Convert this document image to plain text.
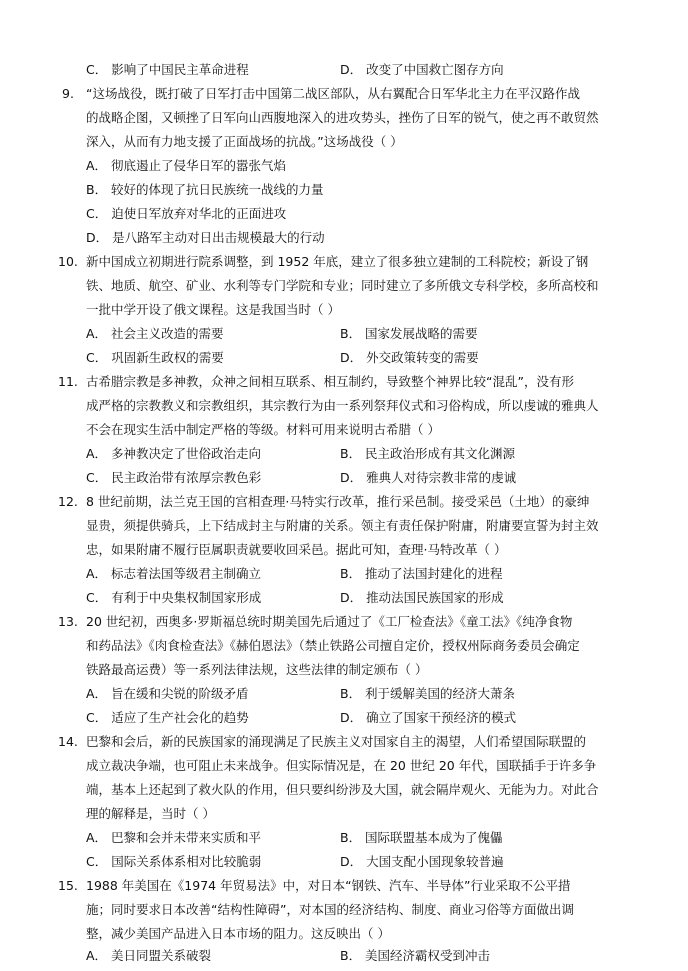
C． 影响了中国民主革命进程	D． 改变了中国救亡图存方向
9. “这场战役，既打破了日军打击中国第二战区部队，从右翼配合日军华北主力在平汉路作战
的战略企图，又顿挫了日军向山西腹地深入的进攻势头，挫伤了日军的锐气，使之再不敢贸然
深入，从而有力地支援了正面战场的抗战。”这场战役（ ）
A． 彻底遏止了侵华日军的嚣张气焰
B． 较好的体现了抗日民族统一战线的力量
C． 迫使日军放弃对华北的正面进攻
D． 是八路军主动对日出击规模最大的行动
10. 新中国成立初期进行院系调整，到 1952 年底，建立了很多独立建制的工科院校；新设了钢
铁、地质、航空、矿业、水利等专门学院和专业；同时建立了多所俄文专科学校，多所高校和
一批中学开设了俄文课程。这是我国当时（ ）
A． 社会主义改造的需要	B． 国家发展战略的需要
C． 巩固新生政权的需要	D． 外交政策转变的需要
11. 古希腊宗教是多神教，众神之间相互联系、相互制约，导致整个神界比较“混乱”，没有形
成严格的宗教教义和宗教组织，其宗教行为由一系列祭拜仪式和习俗构成，所以虔诚的雅典人
不会在现实生活中制定严格的等级。材料可用来说明古希腊（ ）
A． 多神教决定了世俗政治走向	B． 民主政治形成有其文化渊源
C． 民主政治带有浓厚宗教色彩	D． 雅典人对待宗教非常的虔诚
12. 8 世纪前期，法兰克王国的宫相查理·马特实行改革，推行采邑制。接受采邑（土地）的豪绅
显贵，须提供骑兵，上下结成封主与附庸的关系。领主有责任保护附庸，附庸要宣誓为封主效
忠，如果附庸不履行臣属职责就要收回采邑。据此可知，查理·马特改革（ ）
A． 标志着法国等级君主制确立	B． 推动了法国封建化的进程
C． 有利于中央集权制国家形成	D． 推动法国民族国家的形成
13. 20 世纪初，西奥多·罗斯福总统时期美国先后通过了《工厂检查法》《童工法》《纯净食物
和药品法》《肉食检查法》《赫伯恩法》（禁止铁路公司擅自定价，授权州际商务委员会确定
铁路最高运费）等一系列法律法规，这些法律的制定颁布（ ）
A． 旨在缓和尖锐的阶级矛盾	B． 利于缓解美国的经济大萧条
C． 适应了生产社会化的趋势	D． 确立了国家干预经济的模式
14. 巴黎和会后，新的民族国家的涌现满足了民族主义对国家自主的渴望，人们希望国际联盟的
成立裁决争端，也可阻止未来战争。但实际情况是，在 20 世纪 20 年代，国联插手于许多争
端，基本上还起到了救火队的作用，但只要纠纷涉及大国，就会隔岸观火、无能为力。对此合
理的解释是，当时（ ）
A． 巴黎和会并未带来实质和平	B． 国际联盟基本成为了傀儡
C． 国际关系体系相对比较脆弱	D． 大国支配小国现象较普遍
15. 1988 年美国在《1974 年贸易法》中，对日本“钢铁、汽车、半导体”行业采取不公平措
施；同时要求日本改善“结构性障碍”，对本国的经济结构、制度、商业习俗等方面做出调
整，减少美国产品进入日本市场的阻力。这反映出（ ）
A． 美日同盟关系破裂	B． 美国经济霸权受到冲击
